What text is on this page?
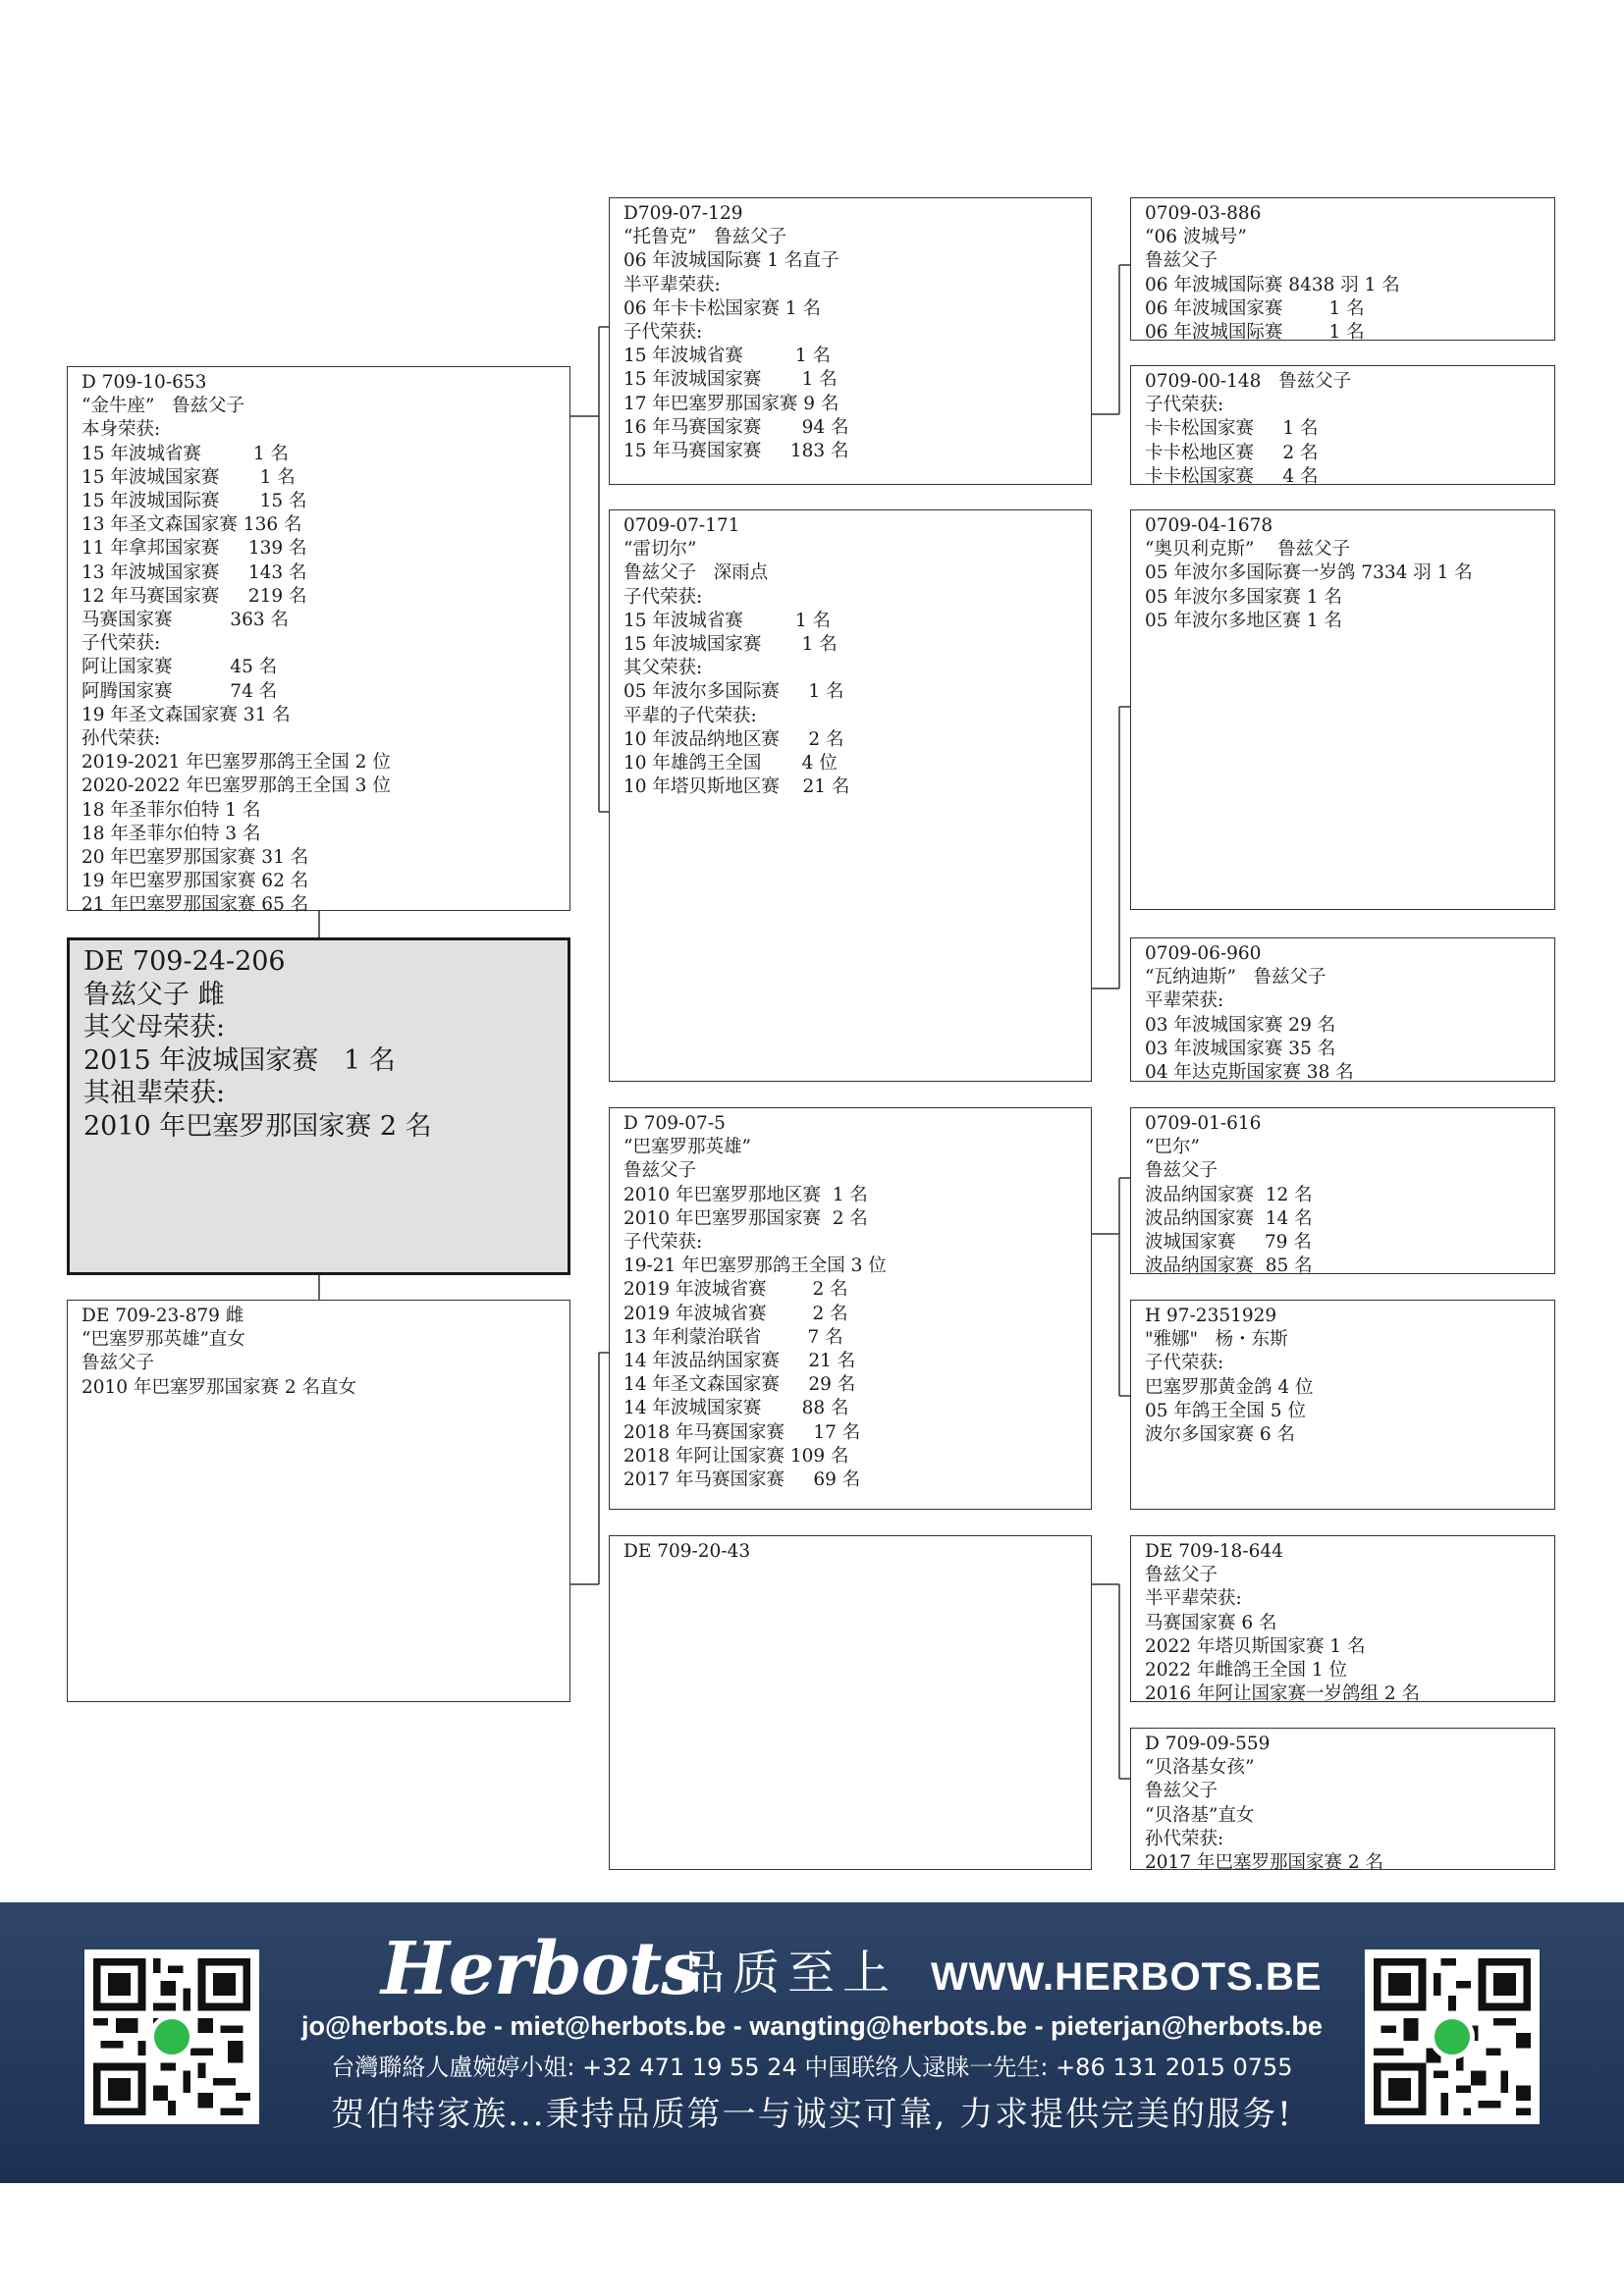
D 709-10-653
“金牛座”   鲁兹父子
本身荣获:
15 年波城省赛         1 名
15 年波城国家赛       1 名
15 年波城国际赛       15 名
13 年圣文森国家赛 136 名
11 年拿邦国家赛     139 名
13 年波城国家赛     143 名
12 年马赛国家赛     219 名
马赛国家赛          363 名
子代荣获:
阿让国家赛          45 名
阿腾国家赛          74 名
19 年圣文森国家赛 31 名
孙代荣获:
2019-2021 年巴塞罗那鸽王全国 2 位
2020-2022 年巴塞罗那鸽王全国 3 位
18 年圣菲尔伯特 1 名
18 年圣菲尔伯特 3 名
20 年巴塞罗那国家赛 31 名
19 年巴塞罗那国家赛 62 名
21 年巴塞罗那国家赛 65 名
DE 709-24-206
鲁兹父子 雌
其父母荣获:
2015 年波城国家赛   1 名
其祖辈荣获:
2010 年巴塞罗那国家赛 2 名
DE 709-23-879 雌
“巴塞罗那英雄”直女
鲁兹父子
2010 年巴塞罗那国家赛 2 名直女
D709-07-129
“托鲁克”   鲁兹父子
06 年波城国际赛 1 名直子
半平辈荣获:
06 年卡卡松国家赛 1 名
子代荣获:
15 年波城省赛         1 名
15 年波城国家赛       1 名
17 年巴塞罗那国家赛 9 名
16 年马赛国家赛       94 名
15 年马赛国家赛     183 名
0709-07-171
“雷切尔”
鲁兹父子   深雨点
子代荣获:
15 年波城省赛         1 名
15 年波城国家赛       1 名
其父荣获:
05 年波尔多国际赛     1 名
平辈的子代荣获:
10 年波品纳地区赛     2 名
10 年雄鸽王全国       4 位
10 年塔贝斯地区赛    21 名
D 709-07-5
“巴塞罗那英雄”
鲁兹父子
2010 年巴塞罗那地区赛  1 名
2010 年巴塞罗那国家赛  2 名
子代荣获:
19-21 年巴塞罗那鸽王全国 3 位
2019 年波城省赛        2 名
2019 年波城省赛        2 名
13 年利蒙治联省        7 名
14 年波品纳国家赛     21 名
14 年圣文森国家赛     29 名
14 年波城国家赛       88 名
2018 年马赛国家赛     17 名
2018 年阿让国家赛 109 名
2017 年马赛国家赛     69 名
DE 709-20-43
0709-03-886
“06 波城号”
鲁兹父子
06 年波城国际赛 8438 羽 1 名
06 年波城国家赛        1 名
06 年波城国际赛        1 名
0709-00-148   鲁兹父子
子代荣获:
卡卡松国家赛     1 名
卡卡松地区赛     2 名
卡卡松国家赛     4 名
0709-04-1678
“奥贝利克斯”    鲁兹父子
05 年波尔多国际赛一岁鸽 7334 羽 1 名
05 年波尔多国家赛 1 名
05 年波尔多地区赛 1 名
0709-06-960
“瓦纳迪斯”   鲁兹父子
平辈荣获:
03 年波城国家赛 29 名
03 年波城国家赛 35 名
04 年达克斯国家赛 38 名
0709-01-616
“巴尔”
鲁兹父子
波品纳国家赛  12 名
波品纳国家赛  14 名
波城国家赛     79 名
波品纳国家赛  85 名
H 97-2351929
"雅娜"   杨・东斯
子代荣获:
巴塞罗那黄金鸽 4 位
05 年鸽王全国 5 位
波尔多国家赛 6 名
DE 709-18-644
鲁兹父子
半平辈荣获:
马赛国家赛 6 名
2022 年塔贝斯国家赛 1 名
2022 年雌鸽王全国 1 位
2016 年阿让国家赛一岁鸽组 2 名
D 709-09-559
“贝洛基女孩”
鲁兹父子
“贝洛基”直女
孙代荣获:
2017 年巴塞罗那国家赛 2 名
Herbots
品质至上 WWW.HERBOTS.BE
jo@herbots.be - miet@herbots.be - wangting@herbots.be - pieterjan@herbots.be
台灣聯絡人盧婉婷小姐: +32 471 19 55 24 中国联络人逯睐一先生: +86 131 2015 0755
贺伯特家族...秉持品质第一与诚实可靠, 力求提供完美的服务!
